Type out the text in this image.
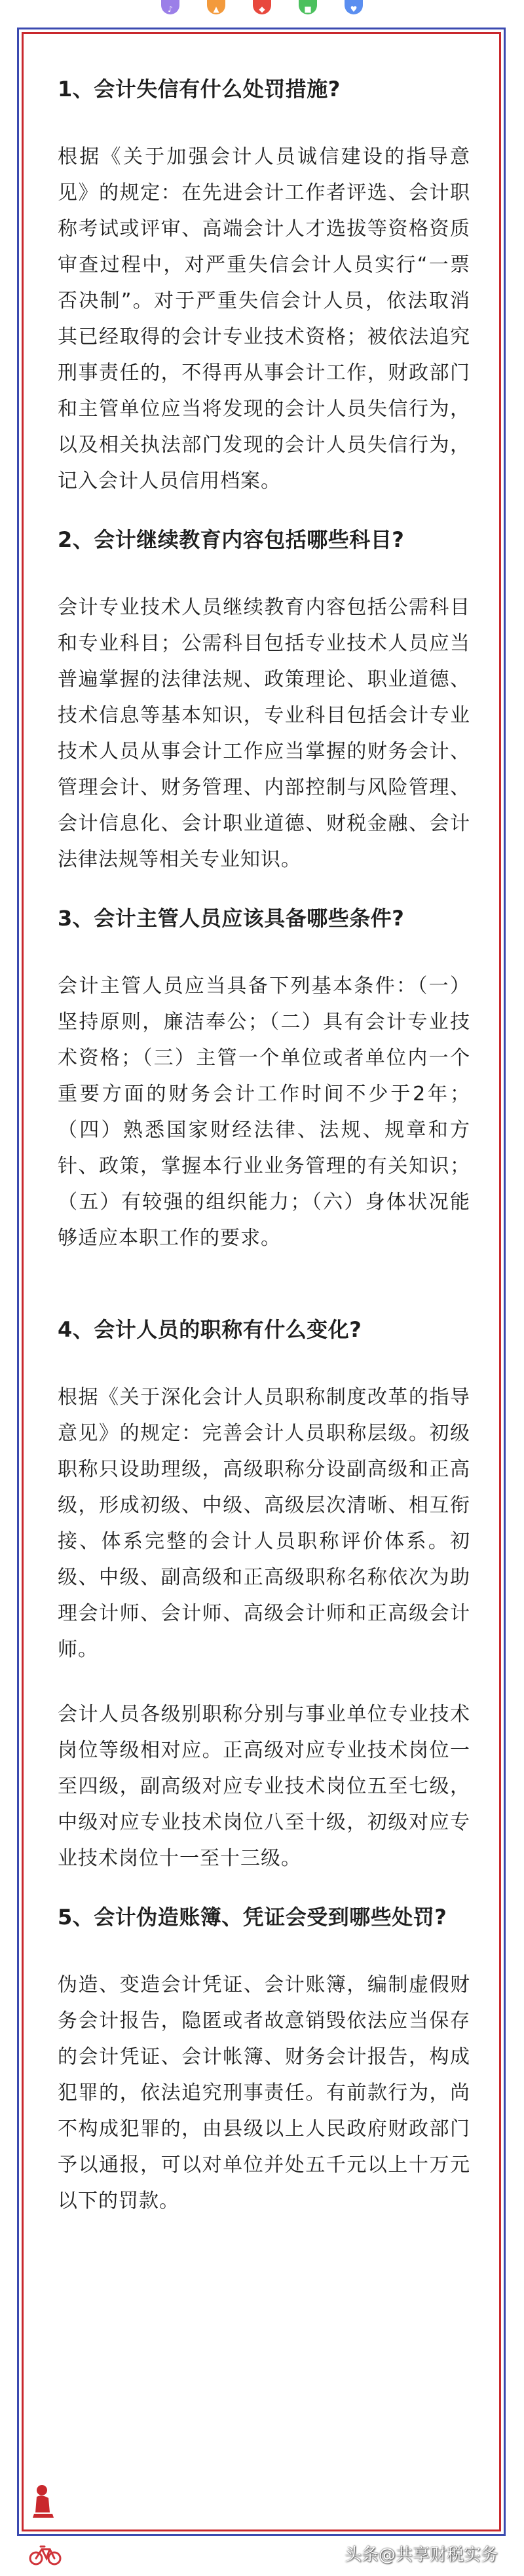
♪	▲	◆	■	♥
1、会计失信有什么处罚措施?

根据《关于加强会计人员诚信建设的指导意见》的规定：在先进会计工作者评选、会计职称考试或评审、高端会计人才选拔等资格资质审查过程中，对严重失信会计人员实行“一票否决制”。对于严重失信会计人员，依法取消其已经取得的会计专业技术资格；被依法追究刑事责任的，不得再从事会计工作，财政部门和主管单位应当将发现的会计人员失信行为，以及相关执法部门发现的会计人员失信行为，记入会计人员信用档案。

2、会计继续教育内容包括哪些科目?

会计专业技术人员继续教育内容包括公需科目和专业科目；公需科目包括专业技术人员应当普遍掌握的法律法规、政策理论、职业道德、技术信息等基本知识，专业科目包括会计专业技术人员从事会计工作应当掌握的财务会计、管理会计、财务管理、内部控制与风险管理、会计信息化、会计职业道德、财税金融、会计法律法规等相关专业知识。

3、会计主管人员应该具备哪些条件?

会计主管人员应当具备下列基本条件：（一）坚持原则，廉洁奉公；（二）具有会计专业技术资格；（三）主管一个单位或者单位内一个重要方面的财务会计工作时间不少于2年；（四）熟悉国家财经法律、法规、规章和方针、政策，掌握本行业业务管理的有关知识；（五）有较强的组织能力；（六）身体状况能够适应本职工作的要求。

4、会计人员的职称有什么变化?

根据《关于深化会计人员职称制度改革的指导意见》的规定：完善会计人员职称层级。初级职称只设助理级，高级职称分设副高级和正高级，形成初级、中级、高级层次清晰、相互衔接、体系完整的会计人员职称评价体系。初级、中级、副高级和正高级职称名称依次为助理会计师、会计师、高级会计师和正高级会计师。

会计人员各级别职称分别与事业单位专业技术岗位等级相对应。正高级对应专业技术岗位一至四级，副高级对应专业技术岗位五至七级，中级对应专业技术岗位八至十级，初级对应专业技术岗位十一至十三级。

5、会计伪造账簿、凭证会受到哪些处罚?

伪造、变造会计凭证、会计账簿，编制虚假财务会计报告，隐匿或者故意销毁依法应当保存的会计凭证、会计帐簿、财务会计报告，构成犯罪的，依法追究刑事责任。有前款行为，尚不构成犯罪的，由县级以上人民政府财政部门予以通报，可以对单位并处五千元以上十万元以下的罚款。

头条@共享财税实务
